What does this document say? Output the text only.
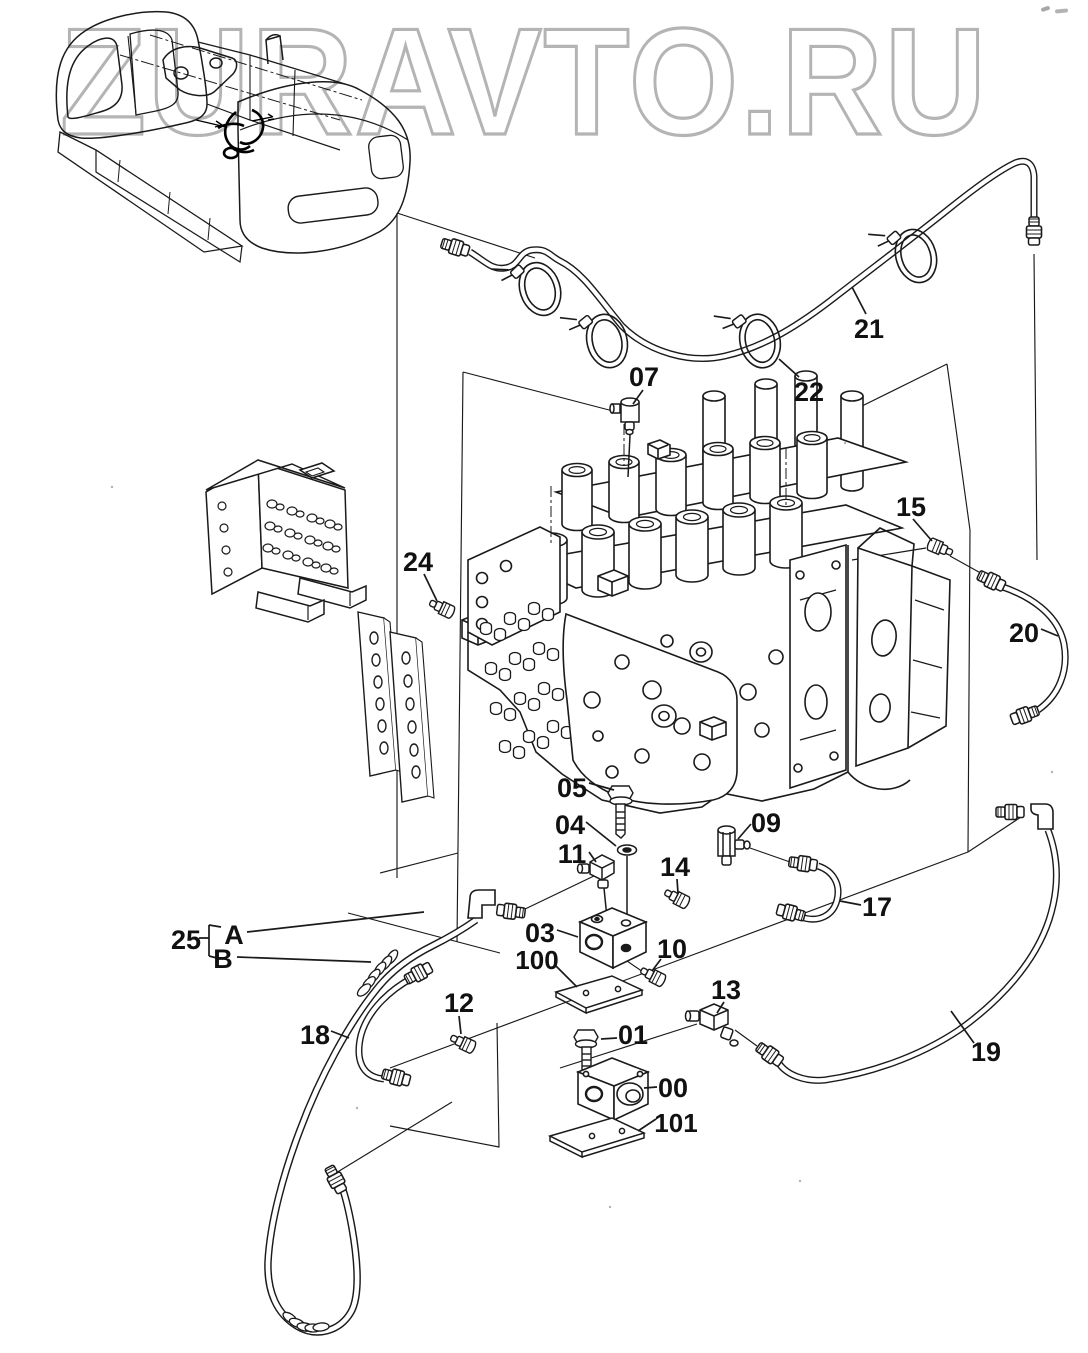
ZURAVTO.RU
07
21
22
15
20
24
05
04
11	14
09
17
03
100	10
13
12
18
19
01
00
101
25 A
B
